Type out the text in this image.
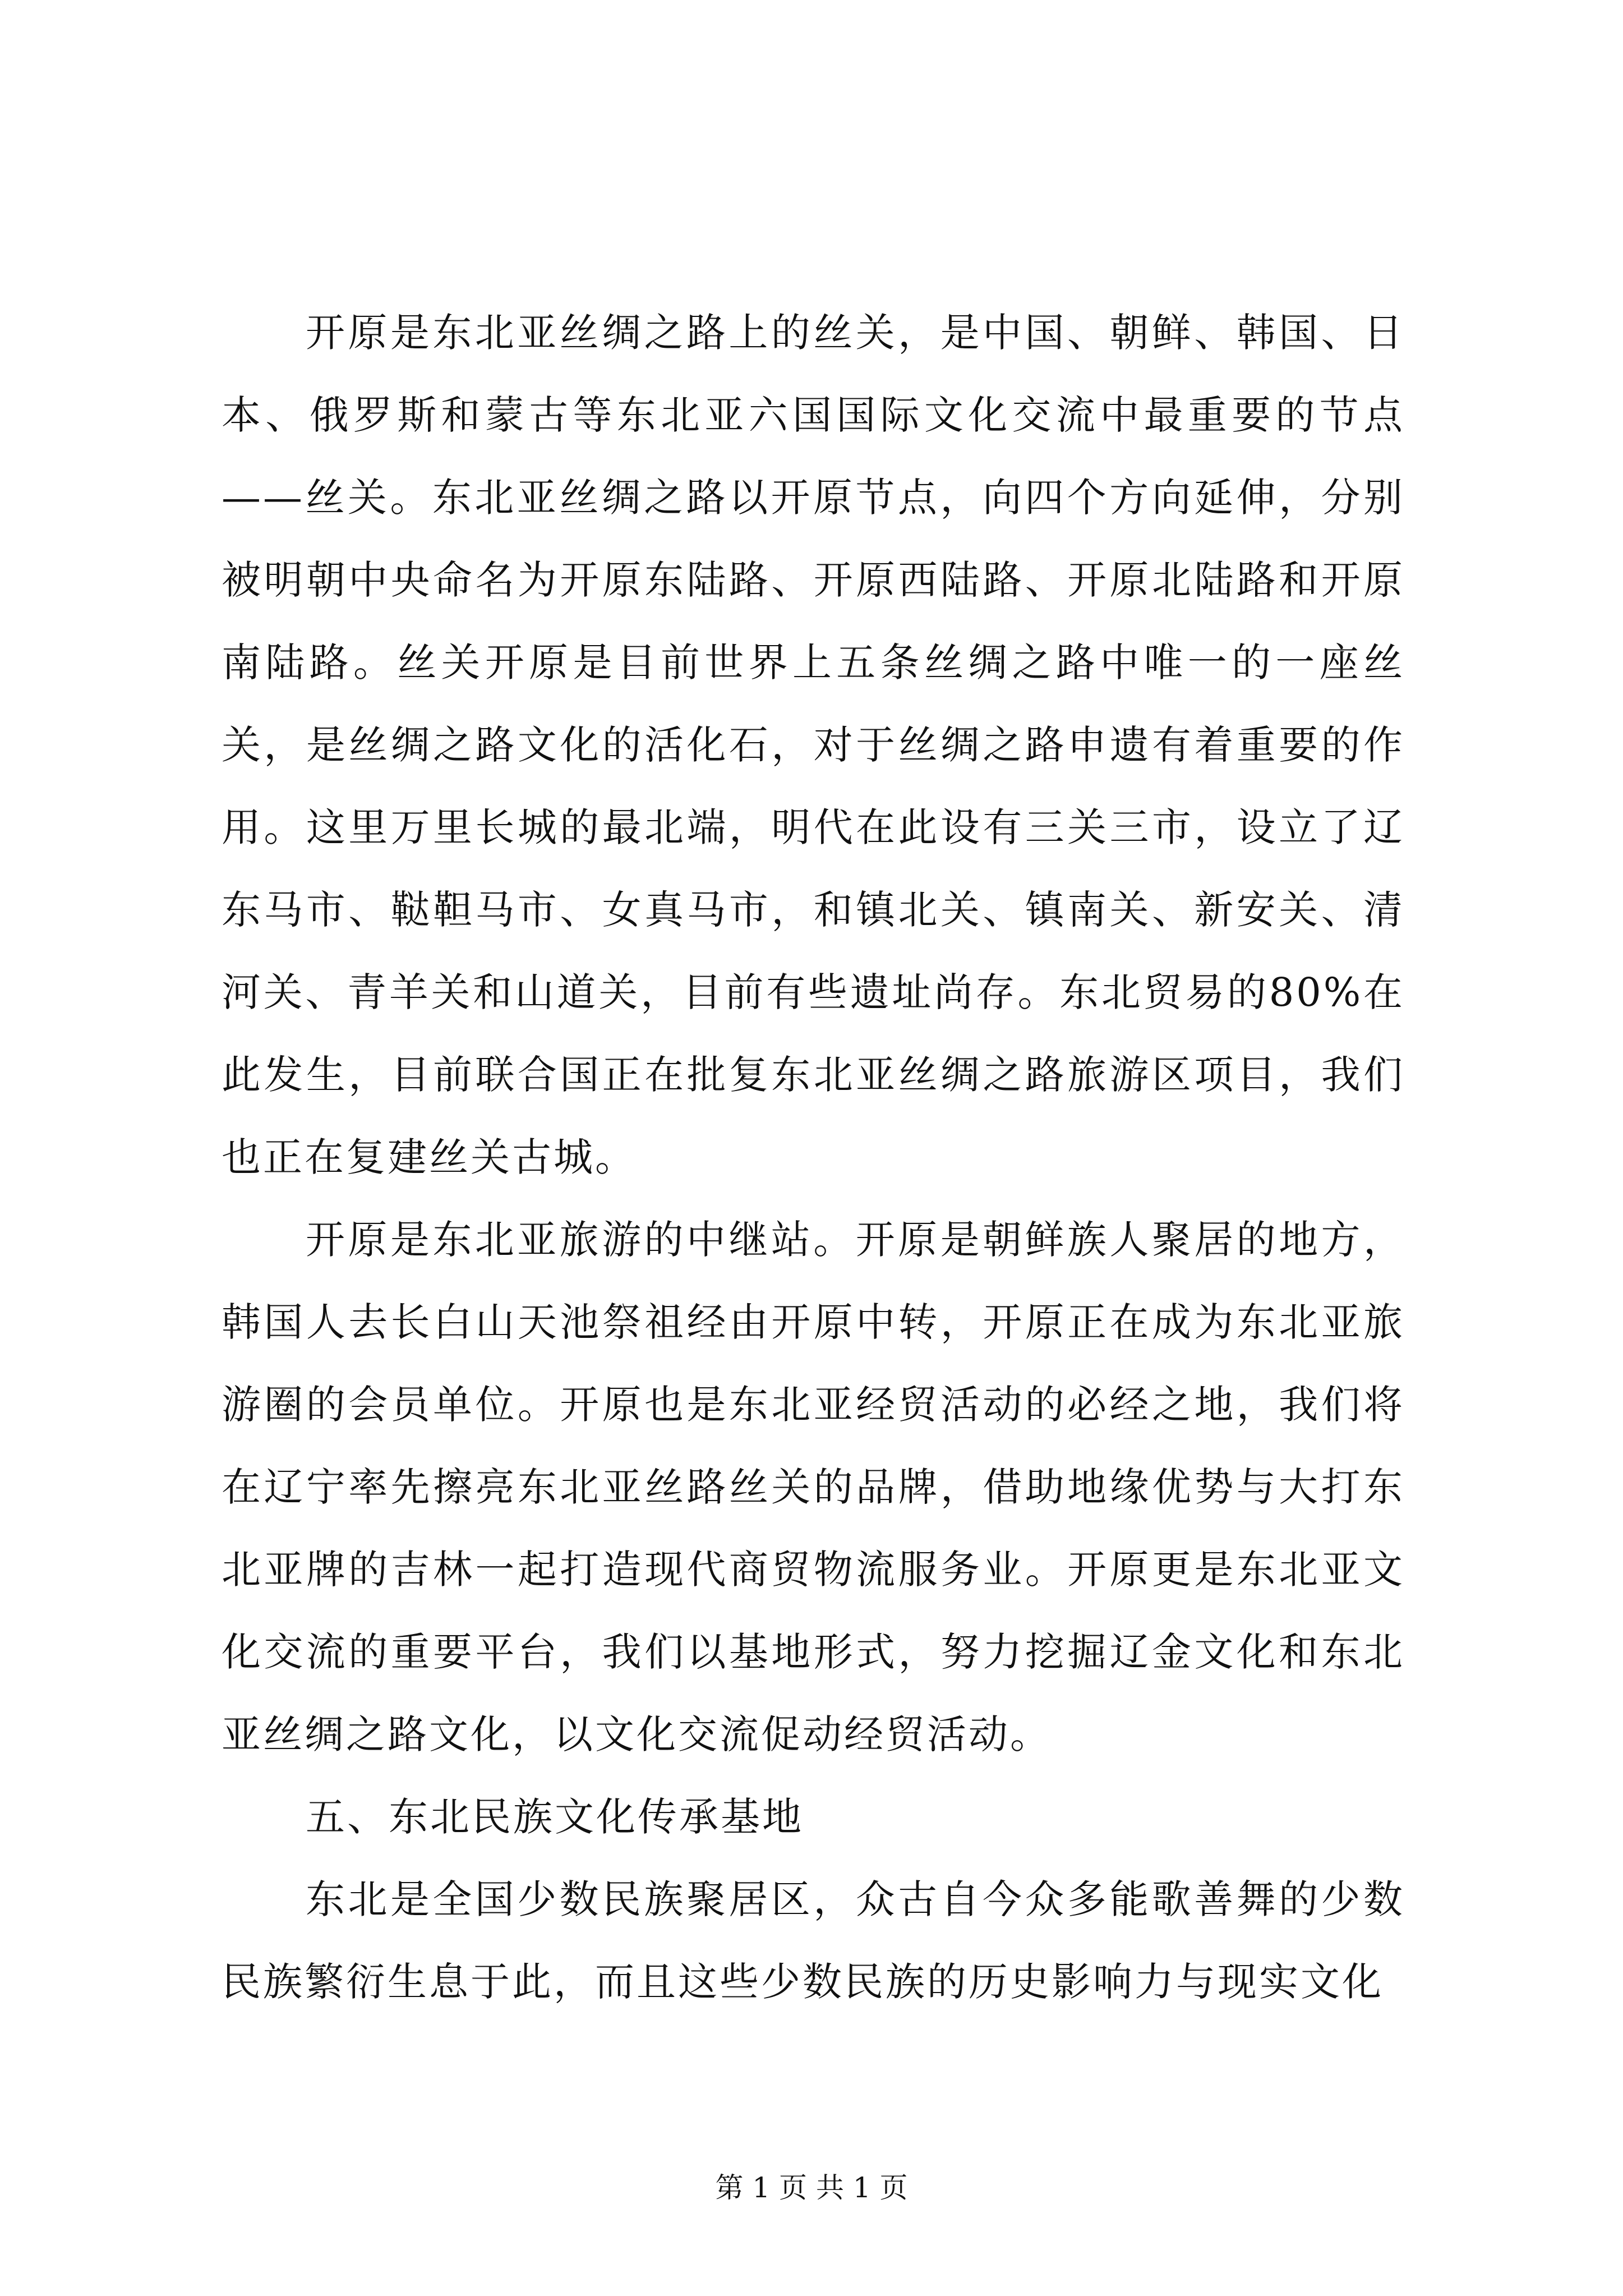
开原是东北亚丝绸之路上的丝关，是中国、朝鲜、韩国、日本、俄罗斯和蒙古等东北亚六国国际文化交流中最重要的节点——丝关。东北亚丝绸之路以开原节点，向四个方向延伸，分别被明朝中央命名为开原东陆路、开原西陆路、开原北陆路和开原南陆路。丝关开原是目前世界上五条丝绸之路中唯一的一座丝关，是丝绸之路文化的活化石，对于丝绸之路申遗有着重要的作用。这里万里长城的最北端，明代在此设有三关三市，设立了辽东马市、鞑靼马市、女真马市，和镇北关、镇南关、新安关、清河关、青羊关和山道关，目前有些遗址尚存。东北贸易的80%在此发生，目前联合国正在批复东北亚丝绸之路旅游区项目，我们也正在复建丝关古城。

开原是东北亚旅游的中继站。开原是朝鲜族人聚居的地方，韩国人去长白山天池祭祖经由开原中转，开原正在成为东北亚旅游圈的会员单位。开原也是东北亚经贸活动的必经之地，我们将在辽宁率先擦亮东北亚丝路丝关的品牌，借助地缘优势与大打东北亚牌的吉林一起打造现代商贸物流服务业。开原更是东北亚文化交流的重要平台，我们以基地形式，努力挖掘辽金文化和东北亚丝绸之路文化，以文化交流促动经贸活动。

五、东北民族文化传承基地

东北是全国少数民族聚居区，众古自今众多能歌善舞的少数民族繁衍生息于此，而且这些少数民族的历史影响力与现实文化

第 1 页 共 1 页
